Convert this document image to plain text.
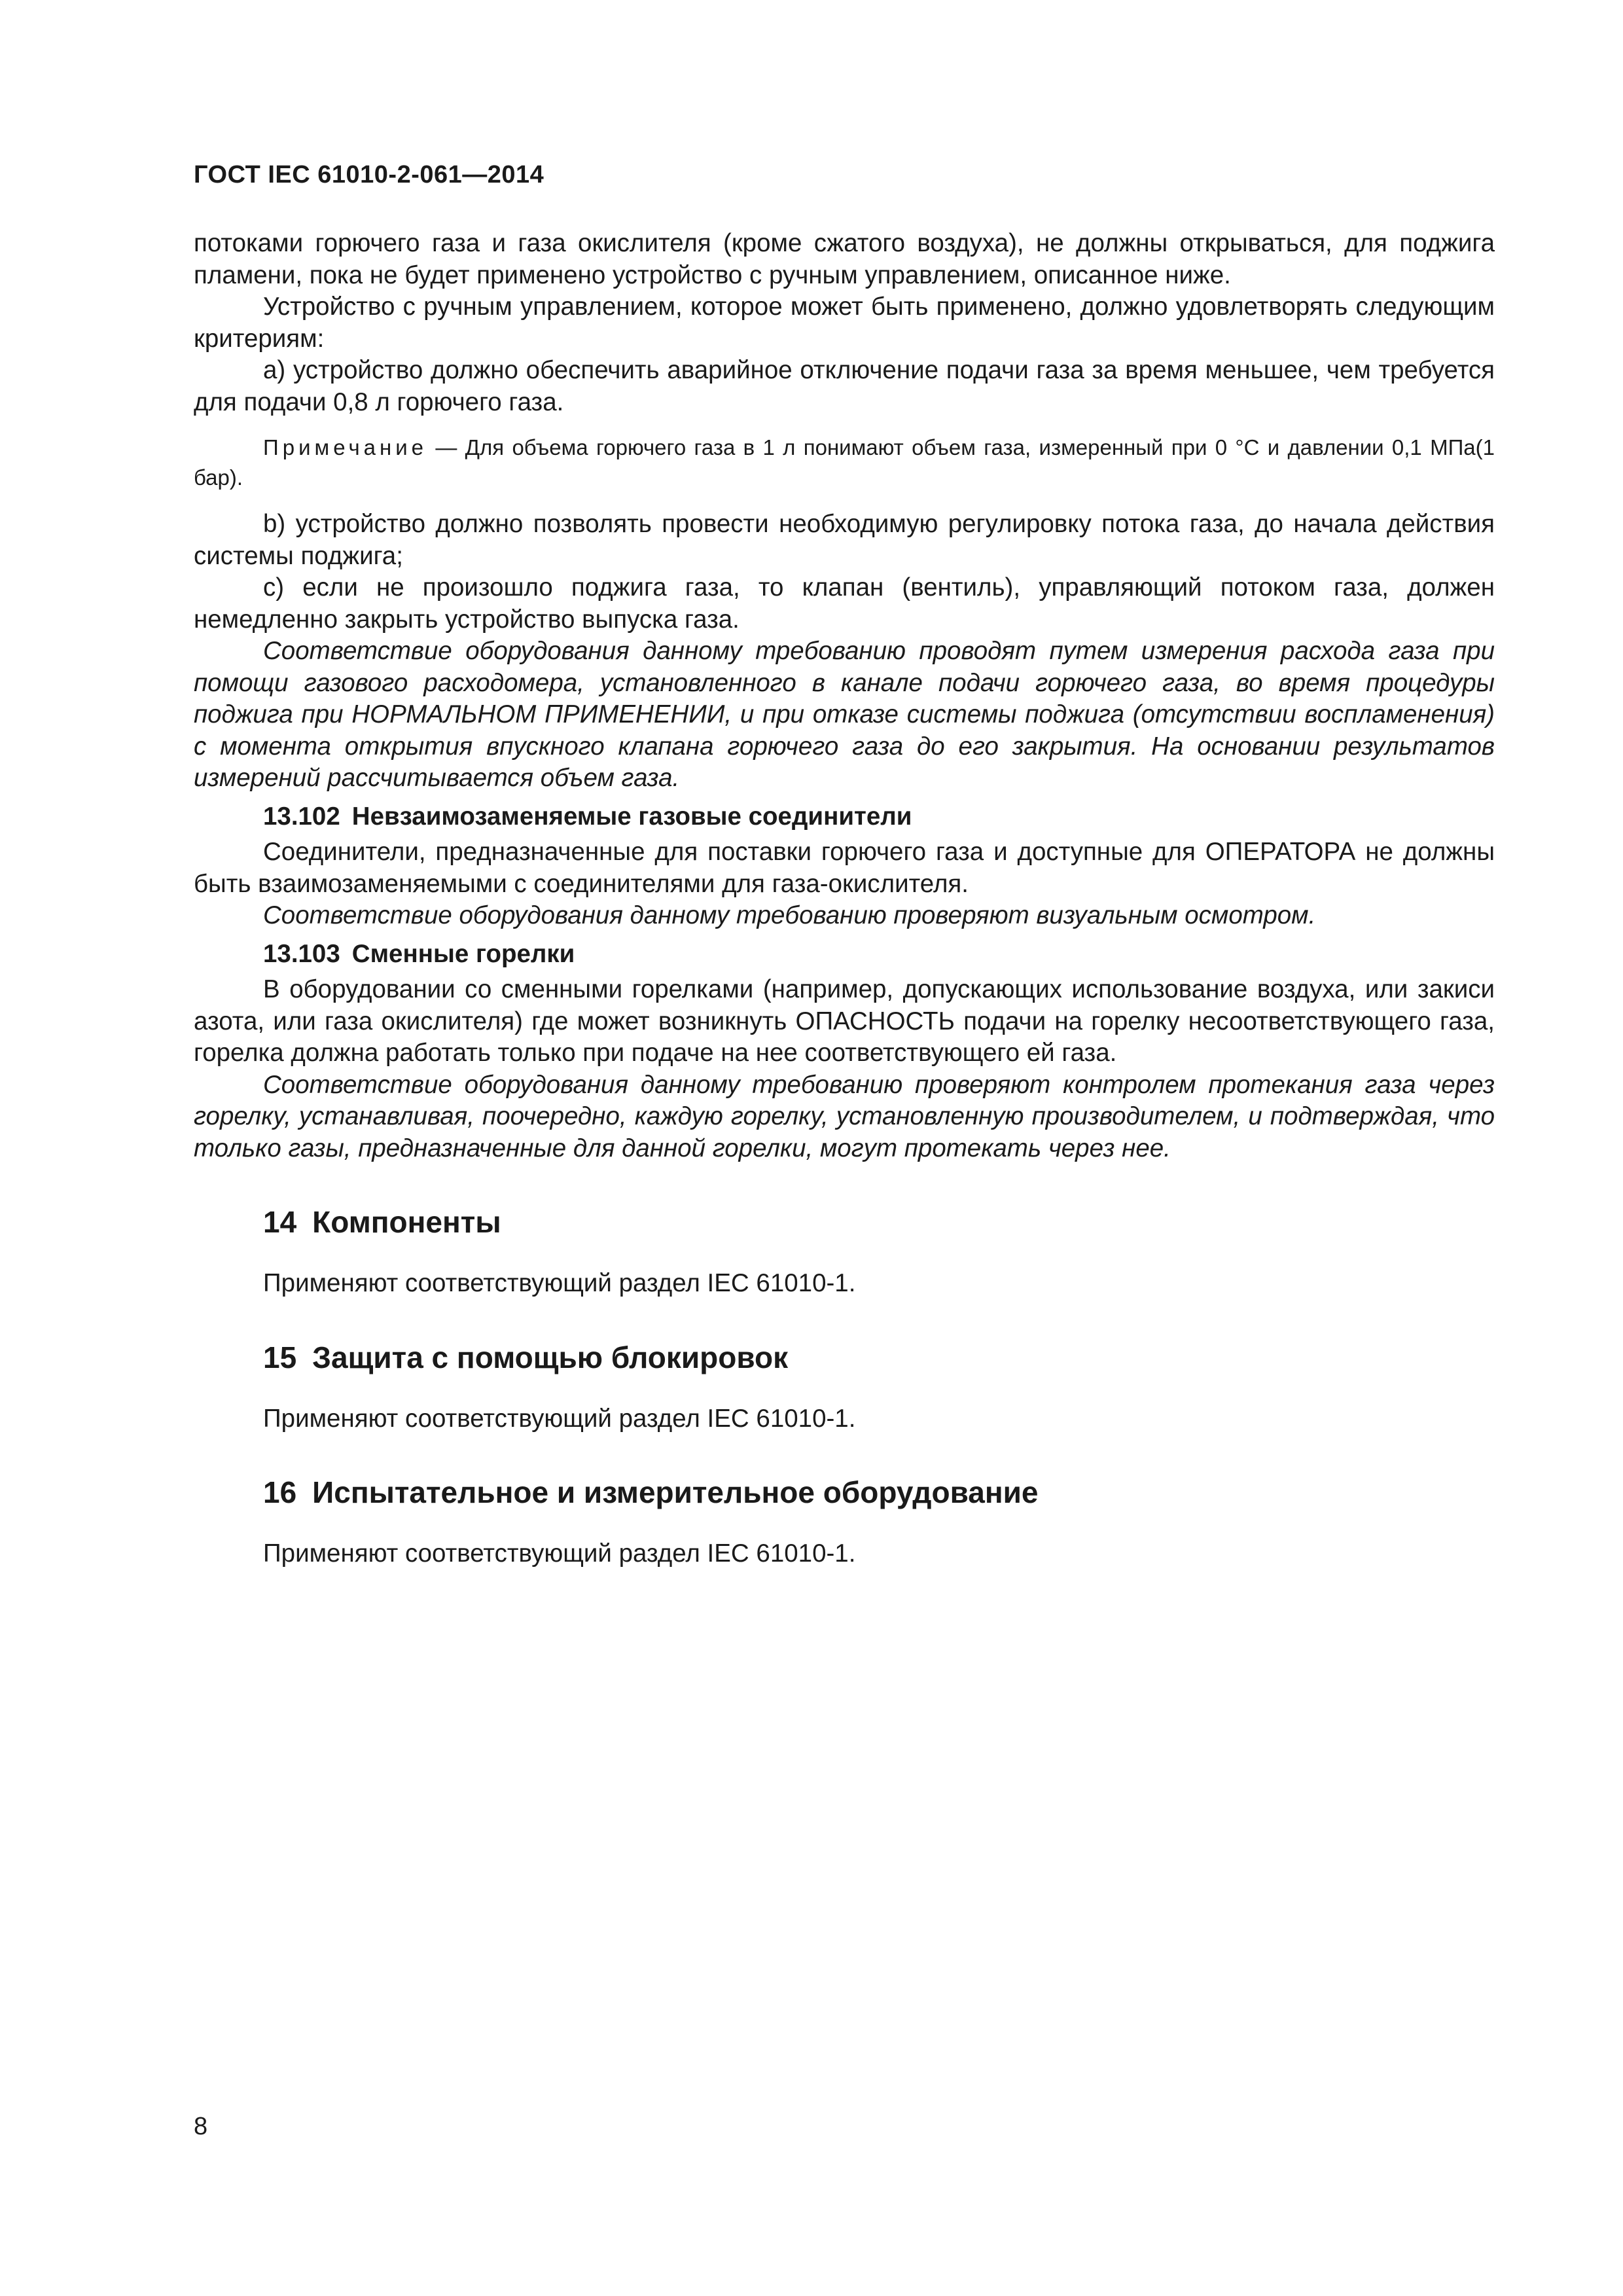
ГОСТ IEC 61010-2-061—2014

потоками горючего газа и газа окислителя (кроме сжатого воздуха), не должны открываться, для поджига пламени, пока не будет применено устройство с ручным управлением, описанное ниже.

Устройство с ручным управлением, которое может быть применено, должно удовлетворять следующим критериям:

а) устройство должно обеспечить аварийное отключение подачи газа за время меньшее, чем требуется для подачи 0,8 л горючего газа.

Примечание — Для объема горючего газа в 1 л понимают объем газа, измеренный при 0 °С и давлении 0,1 МПа(1 бар).

b) устройство должно позволять провести необходимую регулировку потока газа, до начала действия системы поджига;

с) если не произошло поджига газа, то клапан (вентиль), управляющий потоком газа, должен немедленно закрыть устройство выпуска газа.

Соответствие оборудования данному требованию проводят путем измерения расхода газа при помощи газового расходомера, установленного в канале подачи горючего газа, во время процедуры поджига при НОРМАЛЬНОМ ПРИМЕНЕНИИ, и при отказе системы поджига (отсутствии воспламенения) с момента открытия впускного клапана горючего газа до его закрытия. На основании результатов измерений рассчитывается объем газа.

13.102 Невзаимозаменяемые газовые соединители

Соединители, предназначенные для поставки горючего газа и доступные для ОПЕРАТОРА не должны быть взаимозаменяемыми с соединителями для газа-окислителя.

Соответствие оборудования данному требованию проверяют визуальным осмотром.

13.103 Сменные горелки

В оборудовании со сменными горелками (например, допускающих использование воздуха, или закиси азота, или газа окислителя) где может возникнуть ОПАСНОСТЬ подачи на горелку несоответствующего газа, горелка должна работать только при подаче на нее соответствующего ей газа.

Соответствие оборудования данному требованию проверяют контролем протекания газа через горелку, устанавливая, поочередно, каждую горелку, установленную производителем, и подтверждая, что только газы, предназначенные для данной горелки, могут протекать через нее.

14 Компоненты

Применяют соответствующий раздел IEC 61010-1.

15 Защита с помощью блокировок

Применяют соответствующий раздел IEC 61010-1.

16 Испытательное и измерительное оборудование

Применяют соответствующий раздел IEC 61010-1.

8
